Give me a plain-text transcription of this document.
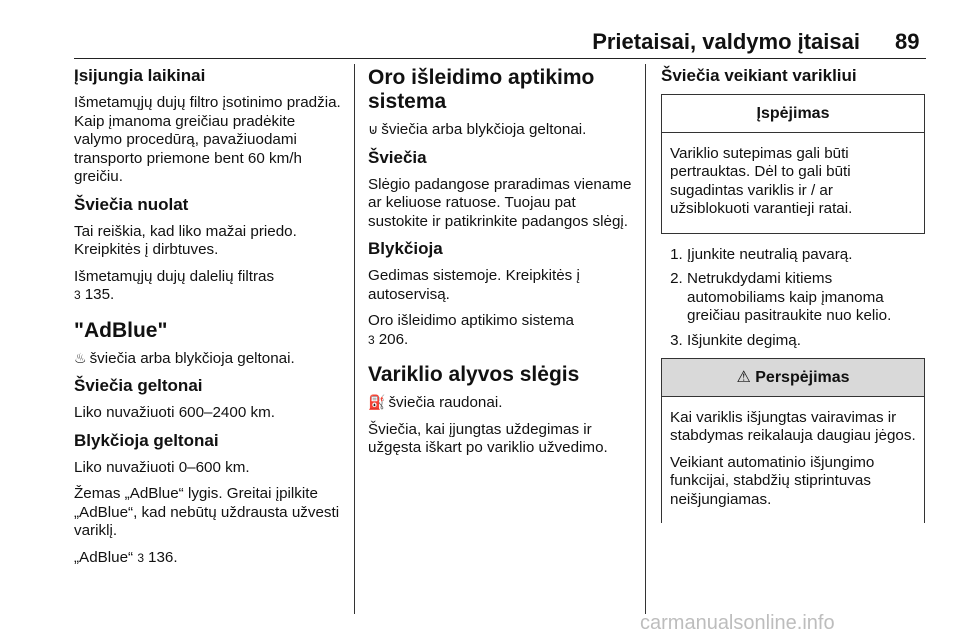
Prietaisai, valdymo įtaisai 89
Įsijungia laikinai

Išmetamųjų dujų filtro įsotinimo pradžia. Kaip įmanoma greičiau pradėkite valymo procedūrą, pavažiuodami transporto priemone bent 60 km/h greičiu.

Šviečia nuolat

Tai reiškia, kad liko mažai priedo. Kreipkitės į dirbtuves.

Išmetamųjų dujų dalelių filtras
3 135.

"AdBlue"

♨ šviečia arba blykčioja geltonai.

Šviečia geltonai

Liko nuvažiuoti 600–2400 km.

Blykčioja geltonai

Liko nuvažiuoti 0–600 km.

Žemas „AdBlue“ lygis. Greitai įpilkite „AdBlue“, kad nebūtų uždrausta užvesti variklį.

„AdBlue“ 3 136.

Oro išleidimo aptikimo sistema

⊍ šviečia arba blykčioja geltonai.

Šviečia

Slėgio padangose praradimas viename ar keliuose ratuose. Tuojau pat sustokite ir patikrinkite padangos slėgį.

Blykčioja

Gedimas sistemoje. Kreipkitės į autoservisą.

Oro išleidimo aptikimo sistema
3 206.

Variklio alyvos slėgis

⛽ šviečia raudonai.

Šviečia, kai įjungtas uždegimas ir užgęsta iškart po variklio užvedimo.

Šviečia veikiant varikliui
Įspėjimas

Variklio sutepimas gali būti pertrauktas. Dėl to gali būti sugadintas variklis ir / ar užsiblokuoti varantieji ratai.

1. Įjunkite neutralią pavarą.
2. Netrukdydami kitiems automobiliams kaip įmanoma greičiau pasitraukite nuo kelio.
3. Išjunkite degimą.
⚠ Perspėjimas

Kai variklis išjungtas vairavimas ir stabdymas reikalauja daugiau jėgos.

Veikiant automatinio išjungimo funkcijai, stabdžių stiprintuvas neišjungiamas.

carmanualsonline.info
